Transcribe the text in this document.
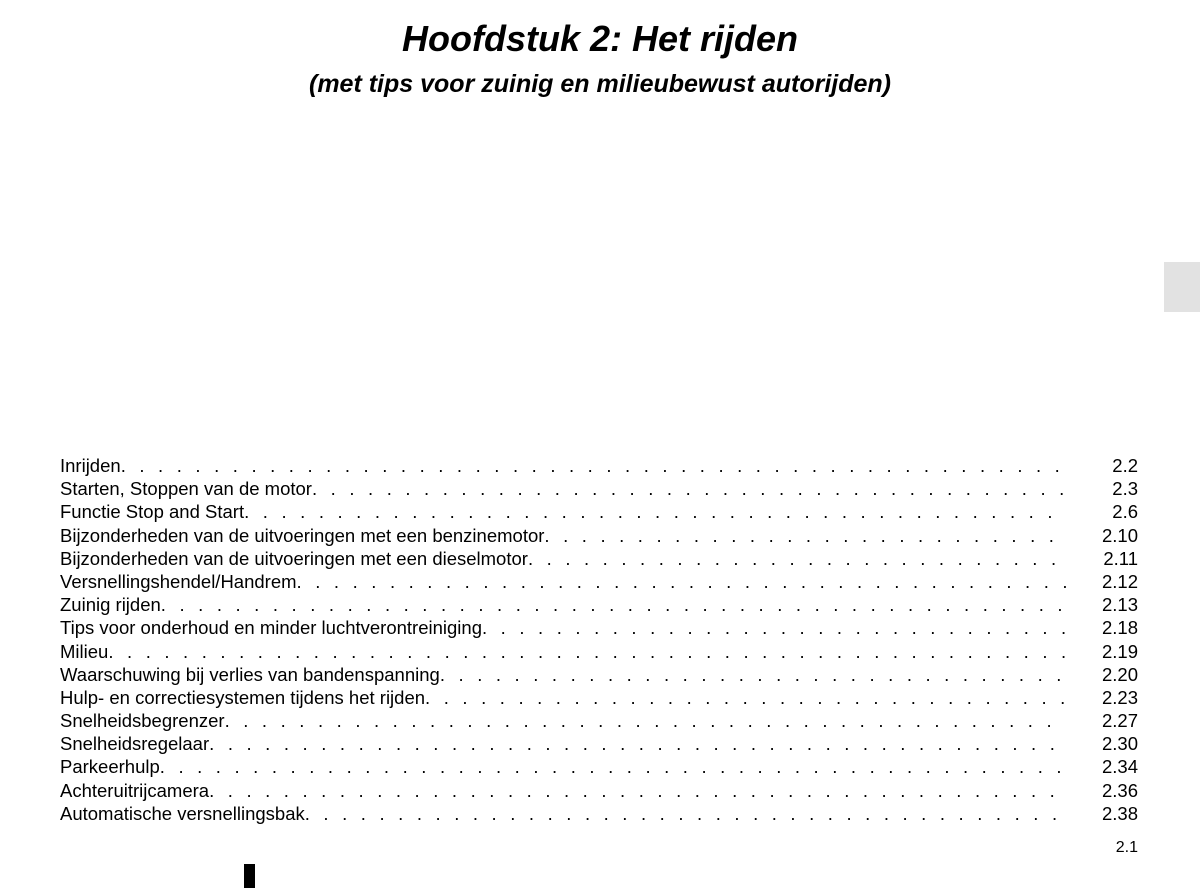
Hoofdstuk 2: Het rijden
(met tips voor zuinig en milieubewust autorijden)
Inrijden . . .	2.2
Starten, Stoppen van de motor . . .	2.3
Functie Stop and Start . . .	2.6
Bijzonderheden van de uitvoeringen met een benzinemotor . . .	2.10
Bijzonderheden van de uitvoeringen met een dieselmotor . . .	2.11
Versnellingshendel/Handrem . . .	2.12
Zuinig rijden . . .	2.13
Tips voor onderhoud en minder luchtverontreiniging . . .	2.18
Milieu . . .	2.19
Waarschuwing bij verlies van bandenspanning . . .	2.20
Hulp- en correctiesystemen tijdens het rijden . . .	2.23
Snelheidsbegrenzer . . .	2.27
Snelheidsregelaar . . .	2.30
Parkeerhulp . . .	2.34
Achteruitrijcamera . . .	2.36
Automatische versnellingsbak . . .	2.38
2.1
